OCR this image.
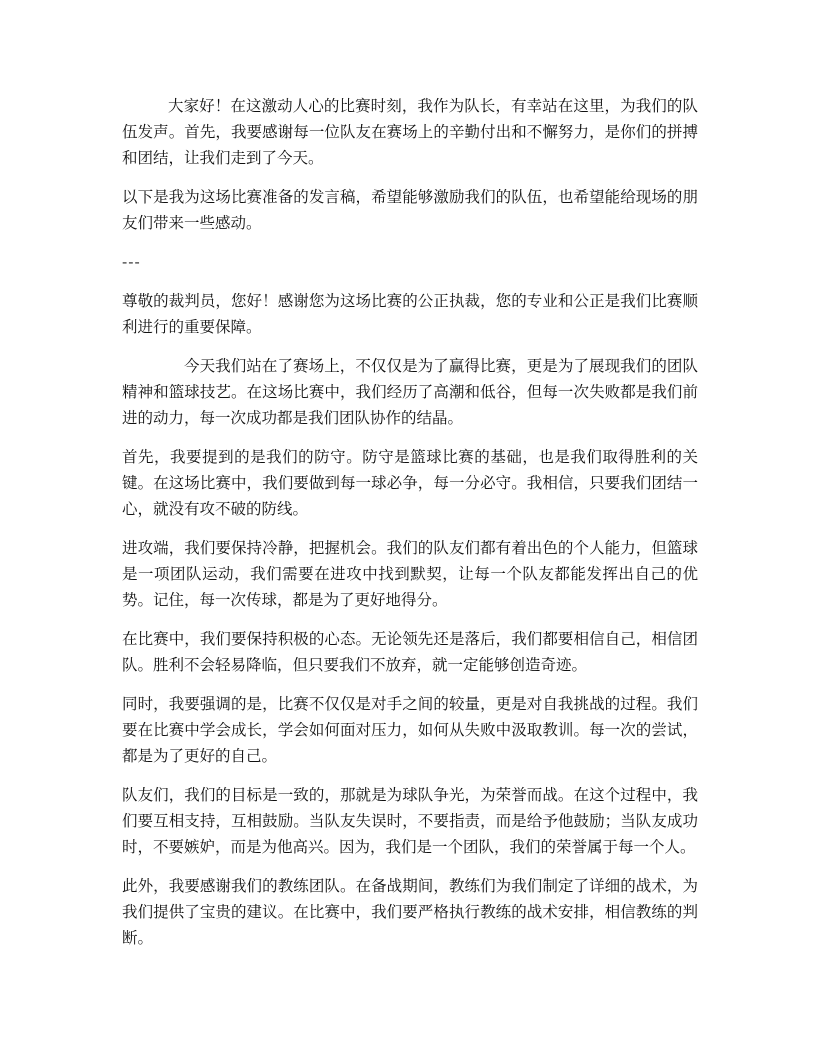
大家好！在这激动人心的比赛时刻，我作为队长，有幸站在这里，为我们的队伍发声。首先，我要感谢每一位队友在赛场上的辛勤付出和不懈努力，是你们的拼搏和团结，让我们走到了今天。

以下是我为这场比赛准备的发言稿，希望能够激励我们的队伍，也希望能给现场的朋友们带来一些感动。

---

尊敬的裁判员，您好！感谢您为这场比赛的公正执裁，您的专业和公正是我们比赛顺利进行的重要保障。

今天我们站在了赛场上，不仅仅是为了赢得比赛，更是为了展现我们的团队精神和篮球技艺。在这场比赛中，我们经历了高潮和低谷，但每一次失败都是我们前进的动力，每一次成功都是我们团队协作的结晶。

首先，我要提到的是我们的防守。防守是篮球比赛的基础，也是我们取得胜利的关键。在这场比赛中，我们要做到每一球必争，每一分必守。我相信，只要我们团结一心，就没有攻不破的防线。

进攻端，我们要保持冷静，把握机会。我们的队友们都有着出色的个人能力，但篮球是一项团队运动，我们需要在进攻中找到默契，让每一个队友都能发挥出自己的优势。记住，每一次传球，都是为了更好地得分。

在比赛中，我们要保持积极的心态。无论领先还是落后，我们都要相信自己，相信团队。胜利不会轻易降临，但只要我们不放弃，就一定能够创造奇迹。

同时，我要强调的是，比赛不仅仅是对手之间的较量，更是对自我挑战的过程。我们要在比赛中学会成长，学会如何面对压力，如何从失败中汲取教训。每一次的尝试，都是为了更好的自己。

队友们，我们的目标是一致的，那就是为球队争光，为荣誉而战。在这个过程中，我们要互相支持，互相鼓励。当队友失误时，不要指责，而是给予他鼓励；当队友成功时，不要嫉妒，而是为他高兴。因为，我们是一个团队，我们的荣誉属于每一个人。

此外，我要感谢我们的教练团队。在备战期间，教练们为我们制定了详细的战术，为我们提供了宝贵的建议。在比赛中，我们要严格执行教练的战术安排，相信教练的判断。
